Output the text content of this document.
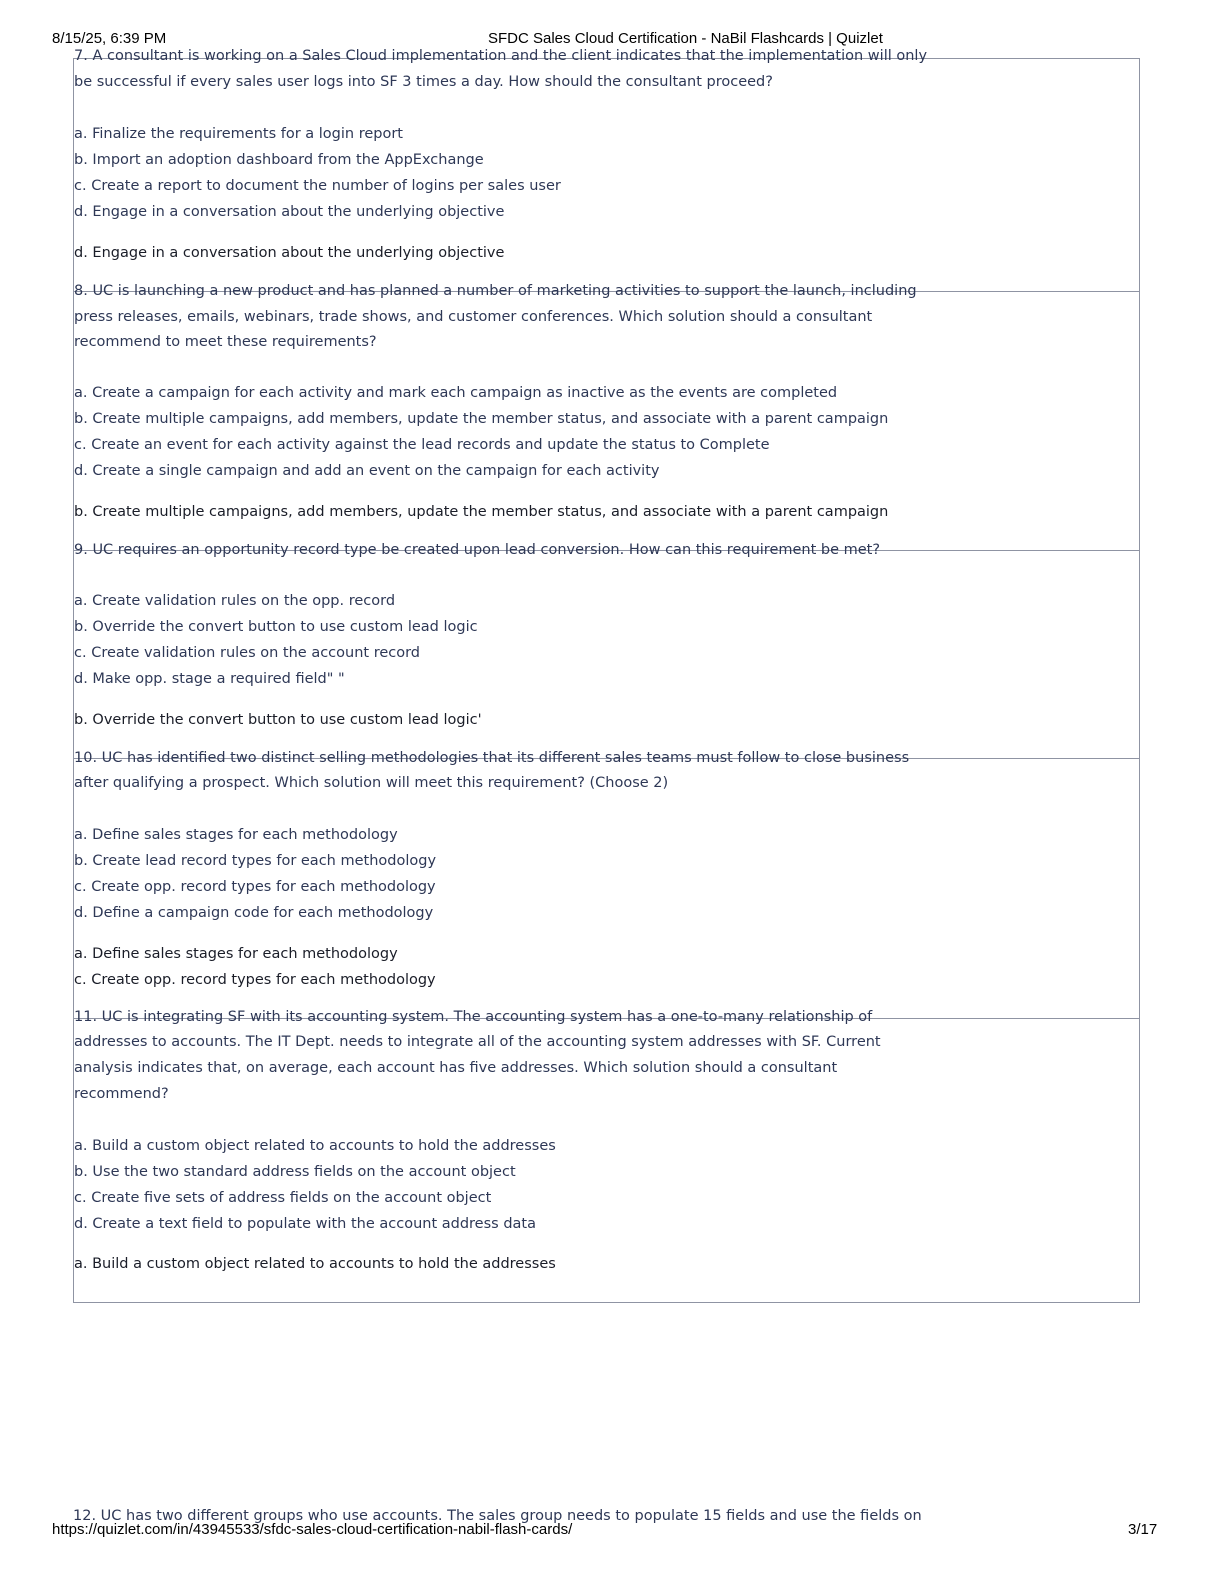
8/15/25, 6:39 PM	SFDC Sales Cloud Certification - NaBil Flashcards | Quizlet
7. A consultant is working on a Sales Cloud implementation and the client indicates that the implementation will only
be successful if every sales user logs into SF 3 times a day. How should the consultant proceed?
a. Finalize the requirements for a login report
b. Import an adoption dashboard from the AppExchange
c. Create a report to document the number of logins per sales user
d. Engage in a conversation about the underlying objective
d. Engage in a conversation about the underlying objective
8. UC is launching a new product and has planned a number of marketing activities to support the launch, including
press releases, emails, webinars, trade shows, and customer conferences. Which solution should a consultant
recommend to meet these requirements?
a. Create a campaign for each activity and mark each campaign as inactive as the events are completed
b. Create multiple campaigns, add members, update the member status, and associate with a parent campaign
c. Create an event for each activity against the lead records and update the status to Complete
d. Create a single campaign and add an event on the campaign for each activity
b. Create multiple campaigns, add members, update the member status, and associate with a parent campaign
9. UC requires an opportunity record type be created upon lead conversion. How can this requirement be met?
a. Create validation rules on the opp. record
b. Override the convert button to use custom lead logic
c. Create validation rules on the account record
d. Make opp. stage a required field" "
b. Override the convert button to use custom lead logic'
10. UC has identified two distinct selling methodologies that its different sales teams must follow to close business
after qualifying a prospect. Which solution will meet this requirement? (Choose 2)
a. Define sales stages for each methodology
b. Create lead record types for each methodology
c. Create opp. record types for each methodology
d. Define a campaign code for each methodology
a. Define sales stages for each methodology
c. Create opp. record types for each methodology
11. UC is integrating SF with its accounting system. The accounting system has a one-to-many relationship of
addresses to accounts. The IT Dept. needs to integrate all of the accounting system addresses with SF. Current
analysis indicates that, on average, each account has five addresses. Which solution should a consultant
recommend?
a. Build a custom object related to accounts to hold the addresses
b. Use the two standard address fields on the account object
c. Create five sets of address fields on the account object
d. Create a text field to populate with the account address data
a. Build a custom object related to accounts to hold the addresses
12. UC has two different groups who use accounts. The sales group needs to populate 15 fields and use the fields on
https://quizlet.com/in/43945533/sfdc-sales-cloud-certification-nabil-flash-cards/	3/17
